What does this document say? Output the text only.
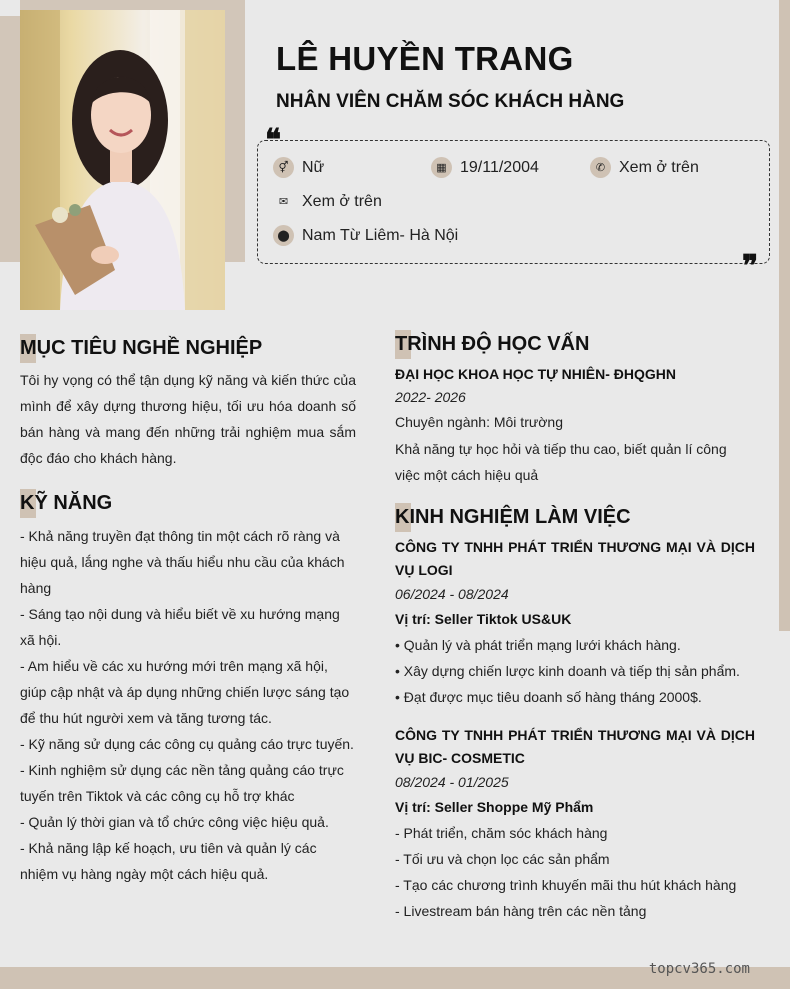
LÊ HUYỀN TRANG
NHÂN VIÊN CHĂM SÓC KHÁCH HÀNG
❝
❞
⚥ Nữ	▦ 19/11/2004	✆ Xem ở trên
✉ Xem ở trên
⬤ Nam Từ Liêm- Hà Nội
MỤC TIÊU NGHỀ NGHIỆP
Tôi hy vọng có thể tận dụng kỹ năng và kiến thức của mình để xây dựng thương hiệu, tối ưu hóa doanh số bán hàng và mang đến những trải nghiệm mua sắm độc đáo cho khách hàng.
KỸ NĂNG
- Khả năng truyền đạt thông tin một cách rõ ràng và hiệu quả, lắng nghe và thấu hiểu nhu cầu của khách hàng
- Sáng tạo nội dung và hiểu biết về xu hướng mạng xã hội.
- Am hiểu về các xu hướng mới trên mạng xã hội, giúp cập nhật và áp dụng những chiến lược sáng tạo để thu hút người xem và tăng tương tác.
- Kỹ năng sử dụng các công cụ quảng cáo trực tuyến.
- Kinh nghiệm sử dụng các nền tảng quảng cáo trực tuyến trên Tiktok và các công cụ hỗ trợ khác
- Quản lý thời gian và tổ chức công việc hiệu quả.
- Khả năng lập kế hoạch, ưu tiên và quản lý các nhiệm vụ hàng ngày một cách hiệu quả.
TRÌNH ĐỘ HỌC VẤN
ĐẠI HỌC KHOA HỌC TỰ NHIÊN- ĐHQGHN
2022- 2026
Chuyên ngành: Môi trường
Khả năng tự học hỏi và tiếp thu cao, biết quản lí công việc một cách hiệu quả
KINH NGHIỆM LÀM VIỆC
CÔNG TY TNHH PHÁT TRIỂN THƯƠNG MẠI VÀ DỊCH VỤ LOGI
06/2024 - 08/2024
Vị trí: Seller Tiktok US&UK
• Quản lý và phát triển mạng lưới khách hàng.
• Xây dựng chiến lược kinh doanh và tiếp thị sản phẩm.
• Đạt được mục tiêu doanh số hàng tháng 2000$.
CÔNG TY TNHH PHÁT TRIỂN THƯƠNG MẠI VÀ DỊCH VỤ BIC- COSMETIC
08/2024 - 01/2025
Vị trí: Seller Shoppe Mỹ Phẩm
- Phát triển, chăm sóc khách hàng
- Tối ưu và chọn lọc các sản phẩm
- Tạo các chương trình khuyến mãi thu hút khách hàng
- Livestream bán hàng trên các nền tảng
topcv365.com
